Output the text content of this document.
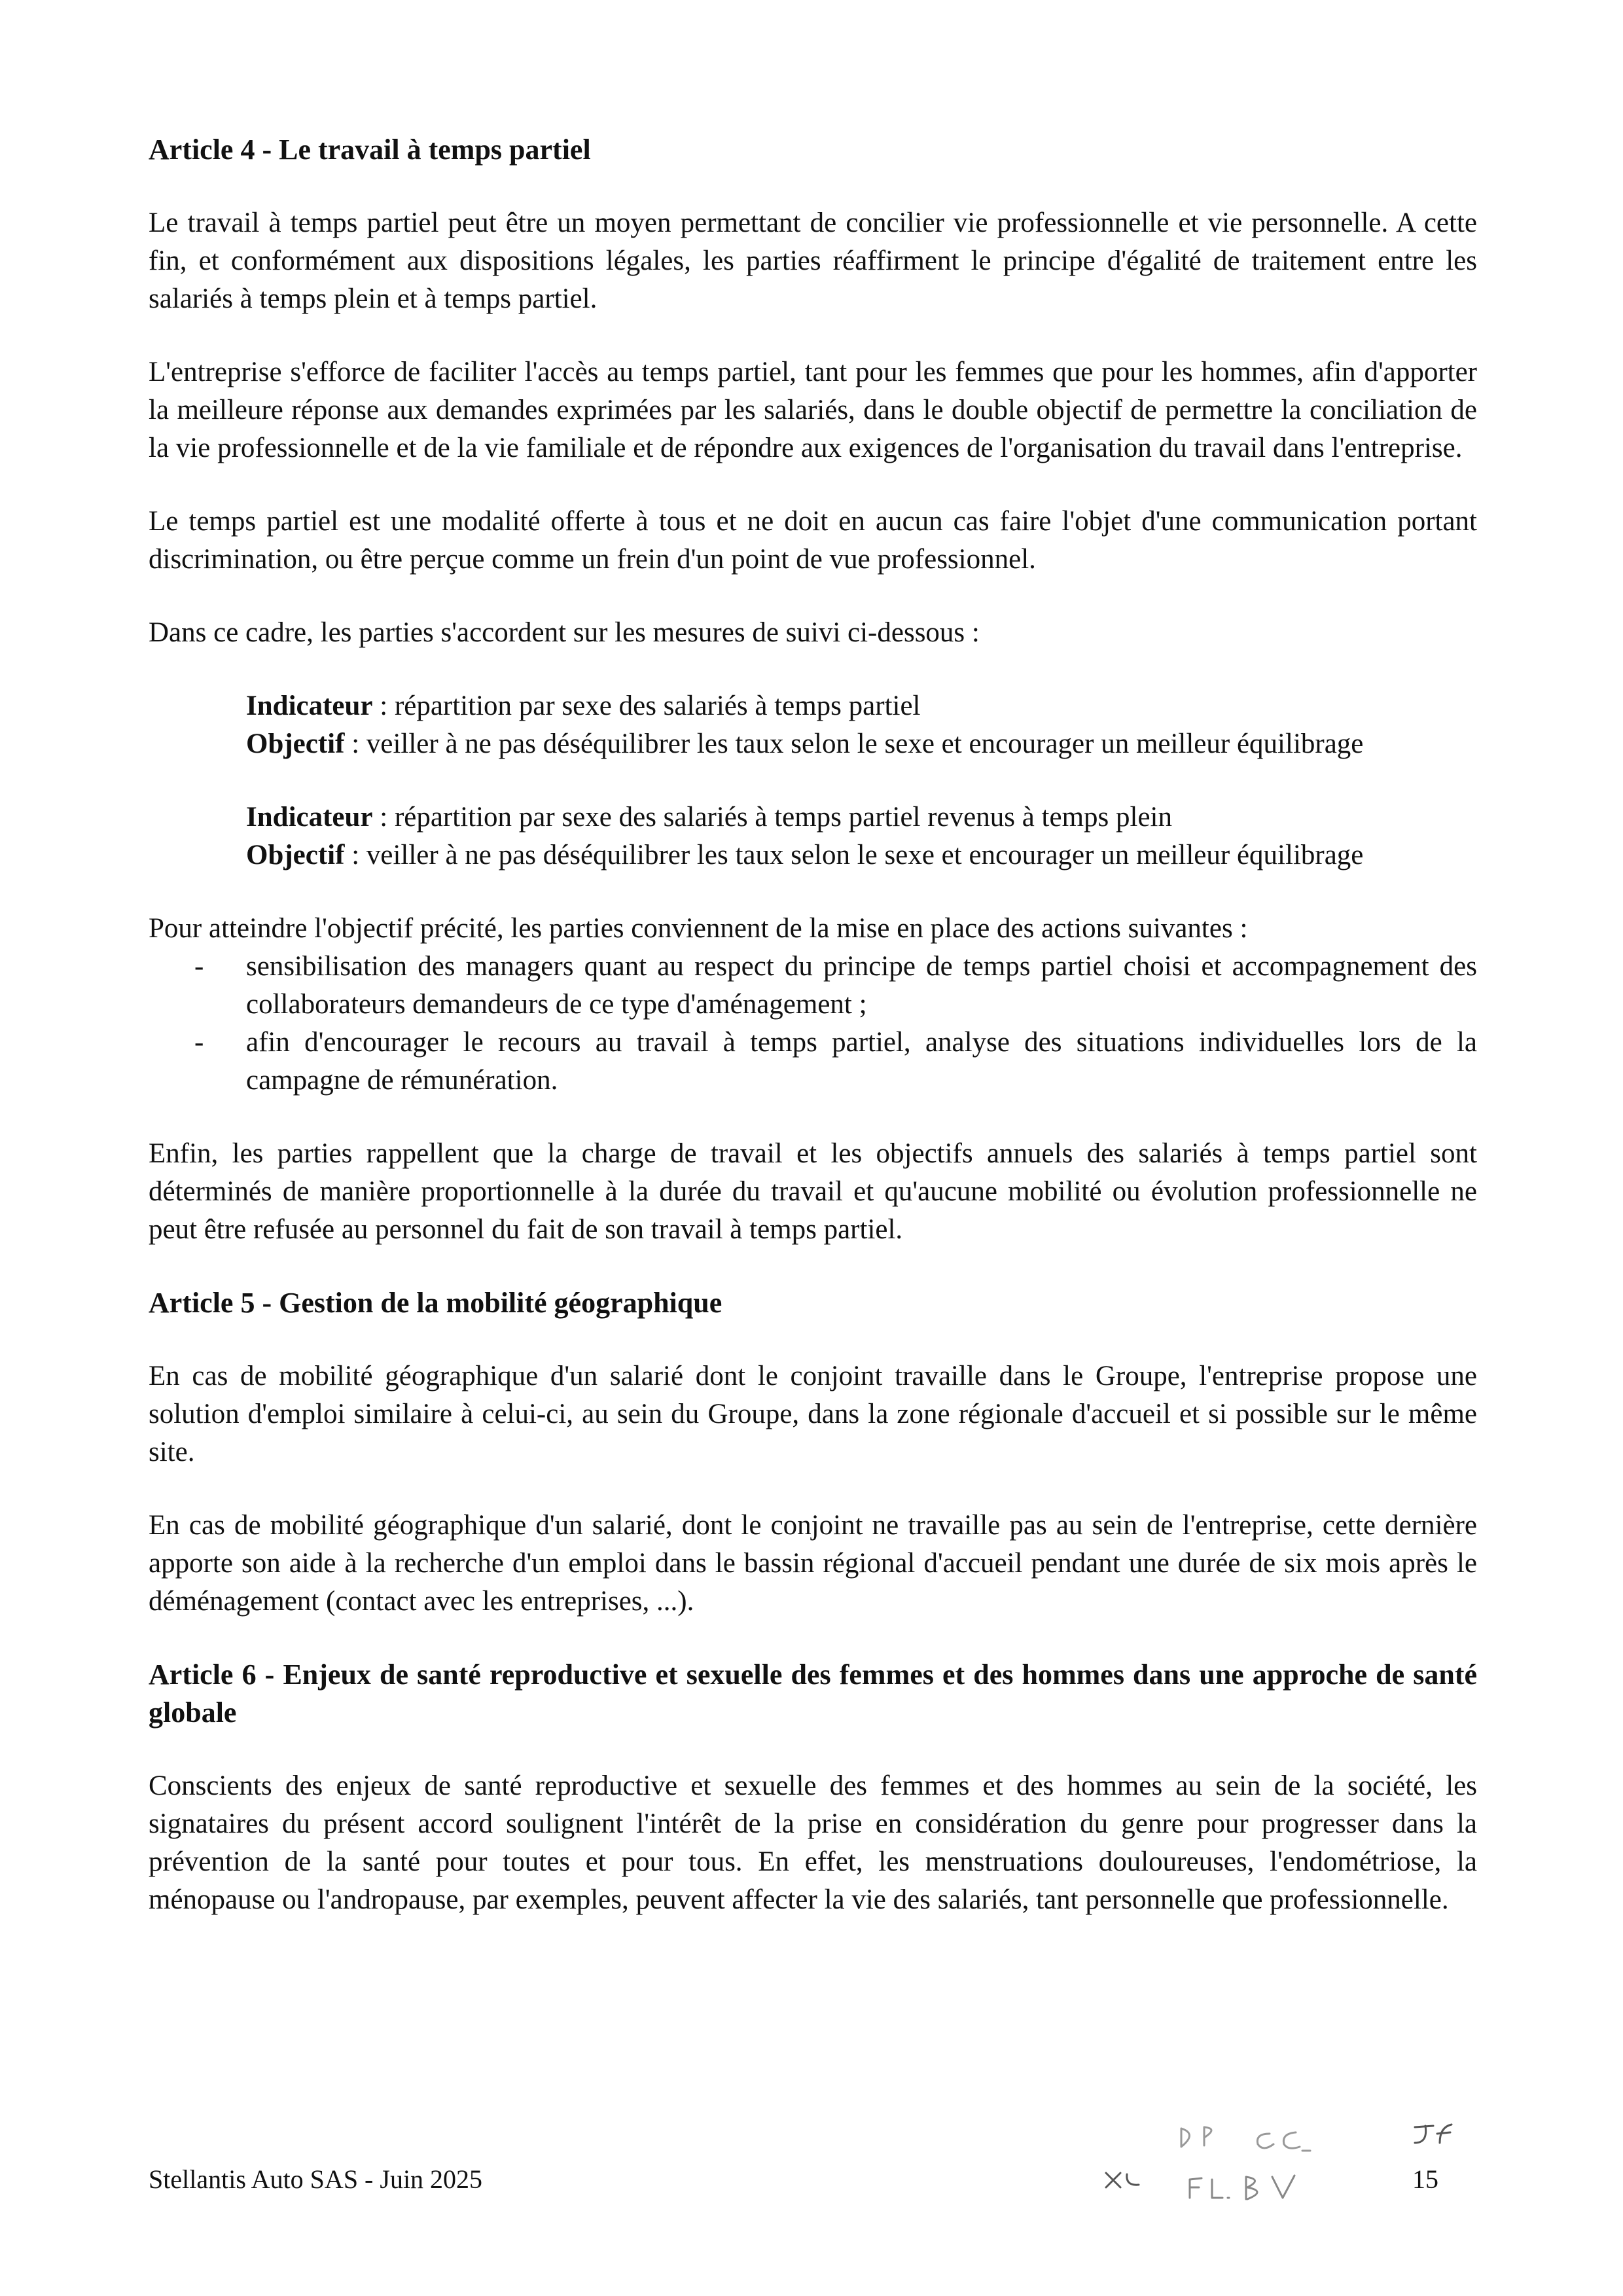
Article 4 - Le travail à temps partiel

Le travail à temps partiel peut être un moyen permettant de concilier vie professionnelle et vie personnelle. A cette fin, et conformément aux dispositions légales, les parties réaffirment le principe d'égalité de traitement entre les salariés à temps plein et à temps partiel.

L'entreprise s'efforce de faciliter l'accès au temps partiel, tant pour les femmes que pour les hommes, afin d'apporter la meilleure réponse aux demandes exprimées par les salariés, dans le double objectif de permettre la conciliation de la vie professionnelle et de la vie familiale et de répondre aux exigences de l'organisation du travail dans l'entreprise.

Le temps partiel est une modalité offerte à tous et ne doit en aucun cas faire l'objet d'une communication portant discrimination, ou être perçue comme un frein d'un point de vue professionnel.

Dans ce cadre, les parties s'accordent sur les mesures de suivi ci-dessous :

Indicateur : répartition par sexe des salariés à temps partiel
Objectif : veiller à ne pas déséquilibrer les taux selon le sexe et encourager un meilleur équilibrage
Indicateur : répartition par sexe des salariés à temps partiel revenus à temps plein
Objectif : veiller à ne pas déséquilibrer les taux selon le sexe et encourager un meilleur équilibrage

Pour atteindre l'objectif précité, les parties conviennent de la mise en place des actions suivantes :

- sensibilisation des managers quant au respect du principe de temps partiel choisi et accompagnement des collaborateurs demandeurs de ce type d'aménagement ;
- afin d'encourager le recours au travail à temps partiel, analyse des situations individuelles lors de la campagne de rémunération.

Enfin, les parties rappellent que la charge de travail et les objectifs annuels des salariés à temps partiel sont déterminés de manière proportionnelle à la durée du travail et qu'aucune mobilité ou évolution professionnelle ne peut être refusée au personnel du fait de son travail à temps partiel.

Article 5 - Gestion de la mobilité géographique

En cas de mobilité géographique d'un salarié dont le conjoint travaille dans le Groupe, l'entreprise propose une solution d'emploi similaire à celui-ci, au sein du Groupe, dans la zone régionale d'accueil et si possible sur le même site.

En cas de mobilité géographique d'un salarié, dont le conjoint ne travaille pas au sein de l'entreprise, cette dernière apporte son aide à la recherche d'un emploi dans le bassin régional d'accueil pendant une durée de six mois après le déménagement (contact avec les entreprises, ...).

Article 6 - Enjeux de santé reproductive et sexuelle des femmes et des hommes dans une approche de santé globale

Conscients des enjeux de santé reproductive et sexuelle des femmes et des hommes au sein de la société, les signataires du présent accord soulignent l'intérêt de la prise en considération du genre pour progresser dans la prévention de la santé pour toutes et pour tous. En effet, les menstruations douloureuses, l'endométriose, la ménopause ou l'andropause, par exemples, peuvent affecter la vie des salariés, tant personnelle que professionnelle.

Stellantis Auto SAS - Juin 2025	15
